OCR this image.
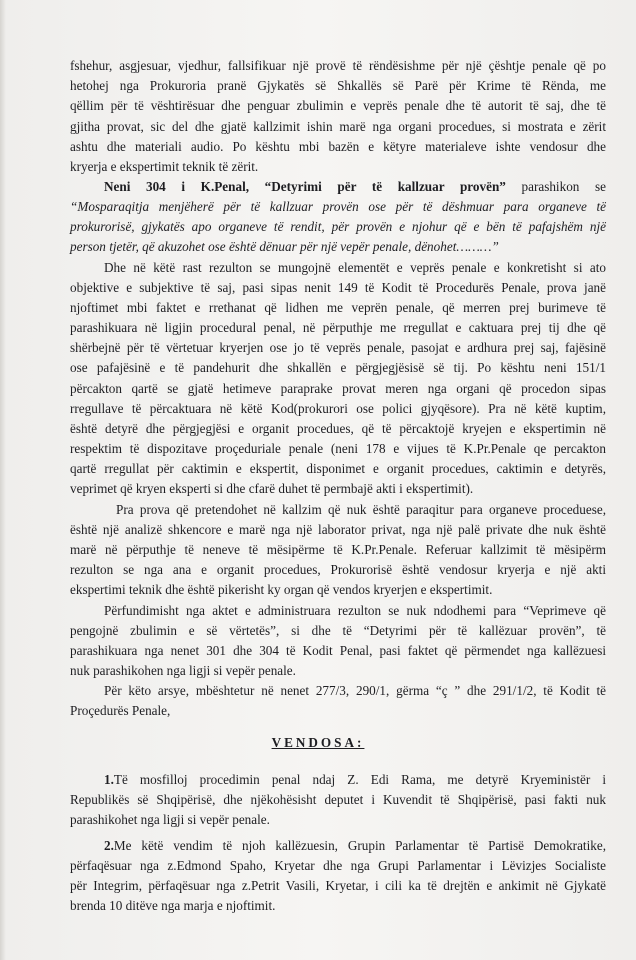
fshehur, asgjesuar, vjedhur, fallsifikuar një provë të rëndësishme për një çështje penale që po
hetohej nga Prokuroria pranë Gjykatës së Shkallës së Parë për Krime të Rënda, me
qëllim për të vështirësuar dhe penguar zbulimin e veprës penale dhe të autorit të saj, dhe të
gjitha provat, sic del dhe gjatë kallzimit ishin marë nga organi procedues, si mostrata e zërit
ashtu dhe materiali audio. Po kështu mbi bazën e këtyre materialeve ishte vendosur dhe
kryerja e ekspertimit teknik të zërit.
Neni 304 i K.Penal, “Detyrimi për të kallzuar provën” parashikon se
“Mosparaqitja menjëherë për të kallzuar provën ose për të dëshmuar para organeve të
prokurorisë, gjykatës apo organeve të rendit, për provën e njohur që e bën të pafajshëm një
person tjetër, që akuzohet ose është dënuar për një vepër penale, dënohet………”
Dhe në këtë rast rezulton se mungojnë elementët e veprës penale e konkretisht si ato
objektive e subjektive të saj, pasi sipas nenit 149 të Kodit të Procedurës Penale, prova janë
njoftimet mbi faktet e rrethanat që lidhen me veprën penale, që merren prej burimeve të
parashikuara në ligjin procedural penal, në përputhje me rregullat e caktuara prej tij dhe që
shërbejnë për të vërtetuar kryerjen ose jo të veprës penale, pasojat e ardhura prej saj, fajësinë
ose pafajësinë e të pandehurit dhe shkallën e përgjegjësisë së tij. Po kështu neni 151/1
përcakton qartë se gjatë hetimeve paraprake provat meren nga organi që procedon sipas
rregullave të përcaktuara në këtë Kod(prokurori ose polici gjyqësore). Pra në këtë kuptim,
është detyrë dhe përgjegjësi e organit procedues, që të përcaktojë kryejen e ekspertimin në
respektim të dispozitave proçeduriale penale (neni 178 e vijues të K.Pr.Penale qe percakton
qartë rregullat për caktimin e ekspertit, disponimet e organit procedues, caktimin e detyrës,
veprimet që kryen eksperti si dhe cfarë duhet të permbajë akti i ekspertimit).
Pra prova që pretendohet në kallzim që nuk është paraqitur para organeve proceduese,
është një analizë shkencore e marë nga një laborator privat, nga një palë private dhe nuk është
marë në përputhje të neneve të mësipërme të K.Pr.Penale. Referuar kallzimit të mësipërm
rezulton se nga ana e organit procedues, Prokurorisë është vendosur kryerja e një akti
ekspertimi teknik dhe është pikerisht ky organ që vendos kryerjen e ekspertimit.
Përfundimisht nga aktet e administruara rezulton se nuk ndodhemi para “Veprimeve që
pengojnë zbulimin e së vërtetës”, si dhe të “Detyrimi për të kallëzuar provën”, të
parashikuara nga nenet 301 dhe 304 të Kodit Penal, pasi faktet që përmendet nga kallëzuesi
nuk parashikohen nga ligji si vepër penale.
Për këto arsye, mbështetur në nenet 277/3, 290/1, gërma “ç ” dhe 291/1/2, të Kodit të
Proçedurës Penale,
VENDOSA:
1.Të mosfilloj procedimin penal ndaj Z. Edi Rama, me detyrë Kryeministër i
Republikës së Shqipërisë, dhe njëkohësisht deputet i Kuvendit të Shqipërisë, pasi fakti nuk
parashikohet nga ligji si vepër penale.
2.Me këtë vendim të njoh kallëzuesin, Grupin Parlamentar të Partisë Demokratike,
përfaqësuar nga z.Edmond Spaho, Kryetar dhe nga Grupi Parlamentar i Lëvizjes Socialiste
për Integrim, përfaqësuar nga z.Petrit Vasili, Kryetar, i cili ka të drejtën e ankimit në Gjykatë
brenda 10 ditëve nga marja e njoftimit.
